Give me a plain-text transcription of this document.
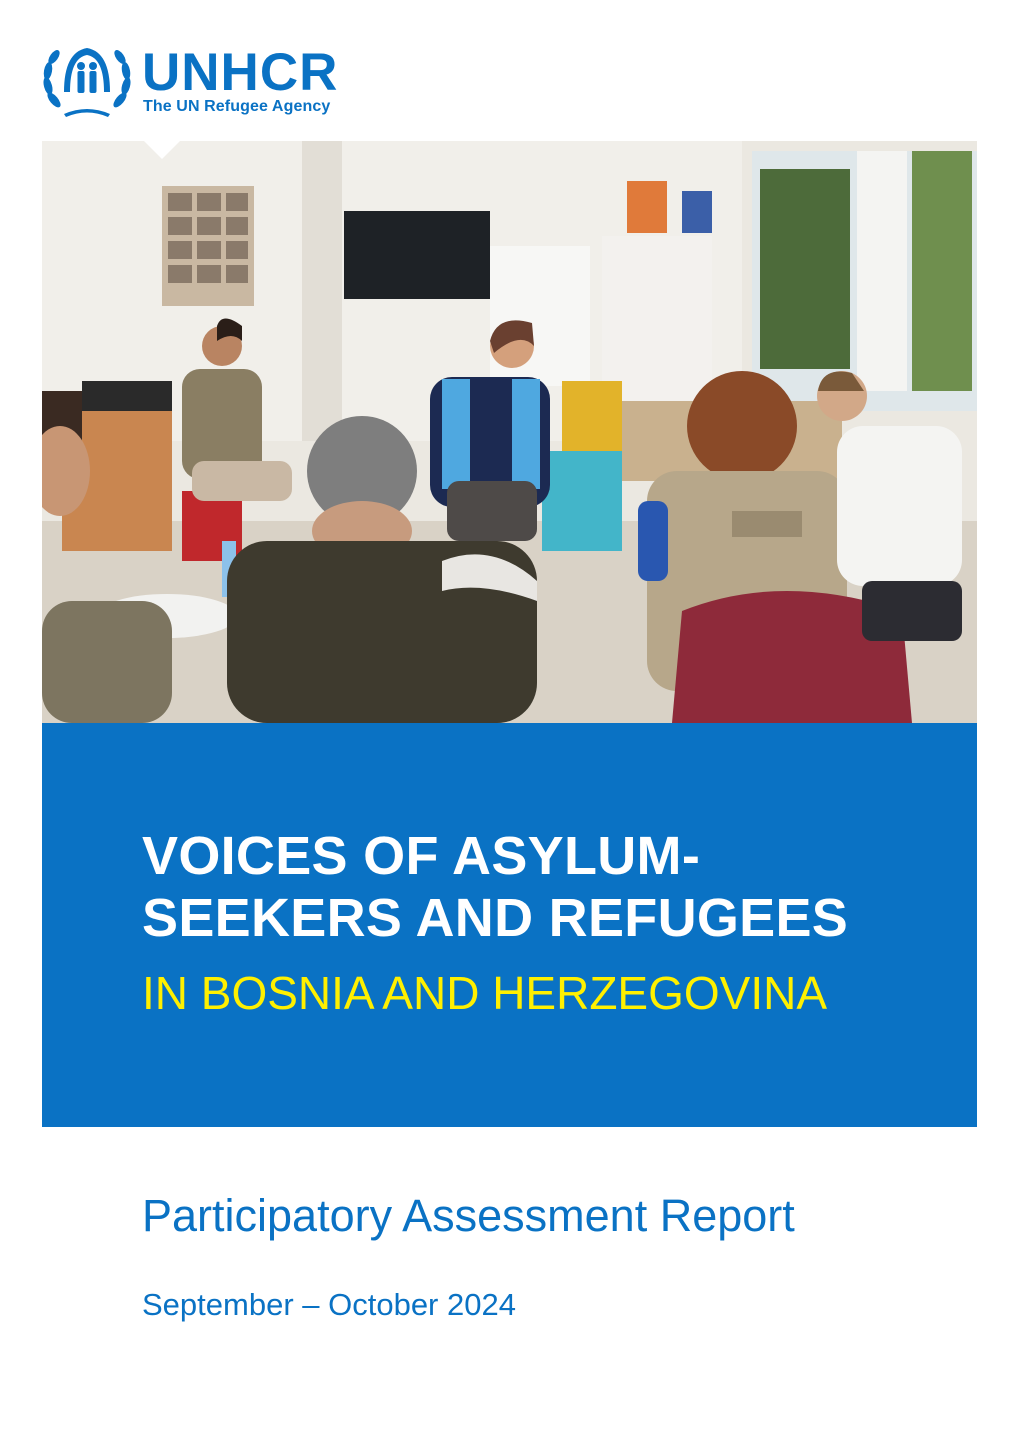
UNHCR
The UN Refugee Agency
VOICES OF ASYLUM-
SEEKERS AND REFUGEES
IN BOSNIA AND HERZEGOVINA
Participatory Assessment Report
September – October 2024
